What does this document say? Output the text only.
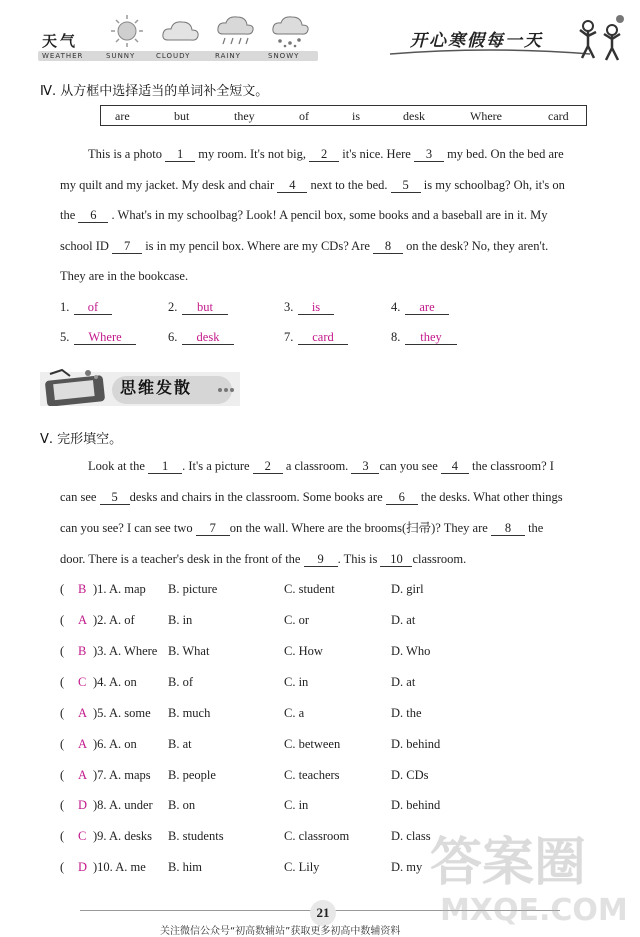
天气
WEATHER	SUNNY	CLOUDY	RAINY	SNOWY
开心寒假每一天
Ⅳ. 从方框中选择适当的单词补全短文。
are	but	they	of	is	desk	Where	card
This is a photo 1 my room. It's not big, 2 it's nice. Here 3 my bed. On the bed are
my quilt and my jacket. My desk and chair 4 next to the bed. 5 is my schoolbag? Oh, it's on
the 6 . What's in my schoolbag? Look! A pencil box, some books and a baseball are in it. My
school ID 7 is in my pencil box. Where are my CDs? Are 8 on the desk? No, they aren't.
They are in the bookcase.
1.	of	2.	but	3.	is	4.	are
5.	Where	6.	desk	7.	card	8.	they
思维发散
Ⅴ. 完形填空。
Look at the 1 . It's a picture 2 a classroom. 3 can you see 4 the classroom? I
can see 5 desks and chairs in the classroom. Some books are 6 the desks. What other things
can you see? I can see two 7 on the wall. Where are the brooms(扫帚)? They are 8 the
door. There is a teacher's desk in the front of the 9 . This is 10 classroom.
( B )1. A. map B. picture	C. student	D. girl
( A )2. A. of	B. in	C. or	D. at
( B )3. A. Where B. What	C. How	D. Who
( C )4. A. on	B. of	C. in	D. at
( A )5. A. some B. much	C. a	D. the
( A )6. A. on	B. at	C. between	D. behind
( A )7. A. maps B. people	C. teachers	D. CDs
( D )8. A. under B. on	C. in	D. behind
( C )9. A. desks B. students	C. classroom	D. class
( D )10. A. me B. him	C. Lily	D. my
21
关注微信公众号“初高数辅站”获取更多初高中数辅资料
答案圈
MXQE.COM
